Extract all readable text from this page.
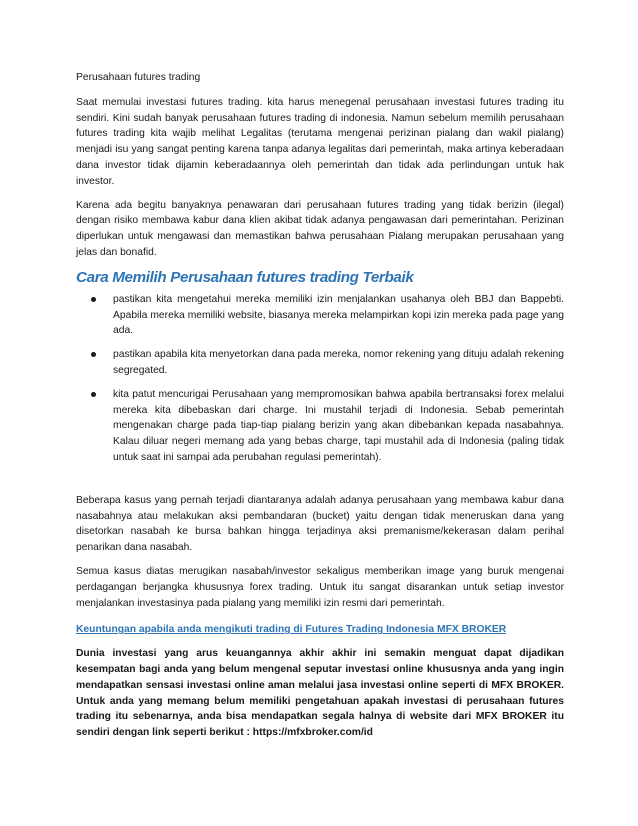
Perusahaan futures trading

Saat memulai investasi futures trading. kita harus menegenal perusahaan investasi futures trading itu sendiri. Kini sudah banyak perusahaan futures trading di indonesia. Namun sebelum memilih perusahaan futures trading kita wajib melihat Legalitas (terutama mengenai perizinan pialang dan wakil pialang) menjadi isu yang sangat penting karena tanpa adanya legalitas dari pemerintah, maka artinya keberadaan dana investor tidak dijamin keberadaannya oleh pemerintah dan tidak ada perlindungan untuk hak investor.

Karena ada begitu banyaknya penawaran dari perusahaan futures trading yang tidak berizin (ilegal) dengan risiko membawa kabur dana klien akibat tidak adanya pengawasan dari pemerintahan. Perizinan diperlukan untuk mengawasi dan memastikan bahwa perusahaan Pialang merupakan perusahaan yang jelas dan bonafid.

Cara Memilih Perusahaan futures trading Terbaik
pastikan kita mengetahui mereka memiliki izin menjalankan usahanya oleh BBJ dan Bappebti. Apabila mereka memiliki website, biasanya mereka melampirkan kopi izin mereka pada page yang ada.
pastikan apabila kita menyetorkan dana pada mereka, nomor rekening yang dituju adalah rekening segregated.
kita patut mencurigai Perusahaan yang mempromosikan bahwa apabila bertransaksi forex melalui mereka kita dibebaskan dari charge. Ini mustahil terjadi di Indonesia. Sebab pemerintah mengenakan charge pada tiap-tiap pialang berizin yang akan dibebankan kepada nasabahnya. Kalau diluar negeri memang ada yang bebas charge, tapi mustahil ada di Indonesia (paling tidak untuk saat ini sampai ada perubahan regulasi pemerintah).

Beberapa kasus yang pernah terjadi diantaranya adalah adanya perusahaan yang membawa kabur dana nasabahnya atau melakukan aksi pembandaran (bucket) yaitu dengan tidak meneruskan dana yang disetorkan nasabah ke bursa bahkan hingga terjadinya aksi premanisme/kekerasan dalam perihal penarikan dana nasabah.

Semua kasus diatas merugikan nasabah/investor sekaligus memberikan image yang buruk mengenai perdagangan berjangka khususnya forex trading. Untuk itu sangat disarankan untuk setiap investor menjalankan investasinya pada pialang yang memiliki izin resmi dari pemerintah.

Keuntungan apabila anda mengikuti trading di Futures Trading Indonesia MFX BROKER

Dunia investasi yang arus keuangannya akhir akhir ini semakin menguat dapat dijadikan kesempatan bagi anda yang belum mengenal seputar investasi online khususnya anda yang ingin mendapatkan sensasi investasi online aman melalui jasa investasi online seperti di MFX BROKER. Untuk anda yang memang belum memiliki pengetahuan apakah investasi di perusahaan futures trading itu sebenarnya, anda bisa mendapatkan segala halnya di website dari MFX BROKER itu sendiri dengan link seperti berikut : https://mfxbroker.com/id
